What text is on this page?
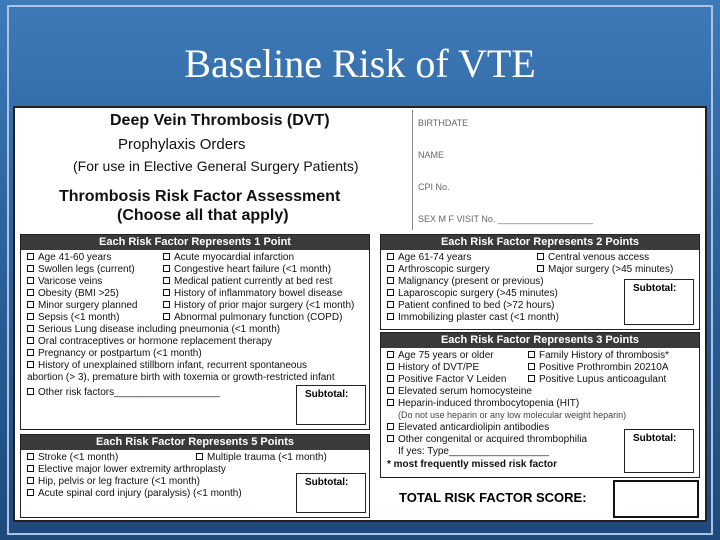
Baseline Risk of VTE
Deep Vein Thrombosis (DVT)
Prophylaxis Orders
(For use in Elective General Surgery Patients)
Thrombosis Risk Factor Assessment
(Choose all that apply)
BIRTHDATE
NAME
CPI No.
SEX M F VISIT No. ___________________
Each Risk Factor Represents 1 Point
Age 41-60 years
Swollen legs (current)
Varicose veins
Obesity (BMI >25)
Minor surgery planned
Sepsis (<1 month)
Acute myocardial infarction
Congestive heart failure (<1 month)
Medical patient currently at bed rest
History of inflammatory bowel disease
History of prior major surgery (<1 month)
Abnormal pulmonary function (COPD)
Serious Lung disease including pneumonia (<1 month)
Oral contraceptives or hormone replacement therapy
Pregnancy or postpartum (<1 month)
History of unexplained stillborn infant, recurrent spontaneous
abortion (> 3), premature birth with toxemia or growth-restricted infant
Other risk factors___________________	Subtotal:
Each Risk Factor Represents 5 Points
Stroke (<1 month)
Elective major lower extremity arthroplasty
Hip, pelvis or leg fracture (<1 month)
Acute spinal cord injury (paralysis) (<1 month)
Multiple trauma (<1 month)
Subtotal:
Each Risk Factor Represents 2 Points
Age 61-74 years
Arthroscopic surgery
Central venous access
Major surgery (>45 minutes)
Malignancy (present or previous)
Laparoscopic surgery (>45 minutes)
Patient confined to bed (>72 hours)
Immobilizing plaster cast (<1 month)
Subtotal:
Each Risk Factor Represents 3 Points
Age 75 years or older
History of DVT/PE
Positive Factor V Leiden
Family History of thrombosis*
Positive Prothrombin 20210A
Positive Lupus anticoagulant
Elevated serum homocysteine
Heparin-induced thrombocytopenia (HIT)
(Do not use heparin or any low molecular weight heparin)
Elevated anticardiolipin antibodies
Other congenital or acquired thrombophilia
If yes: Type__________________
* most frequently missed risk factor
Subtotal:
TOTAL RISK FACTOR SCORE:
